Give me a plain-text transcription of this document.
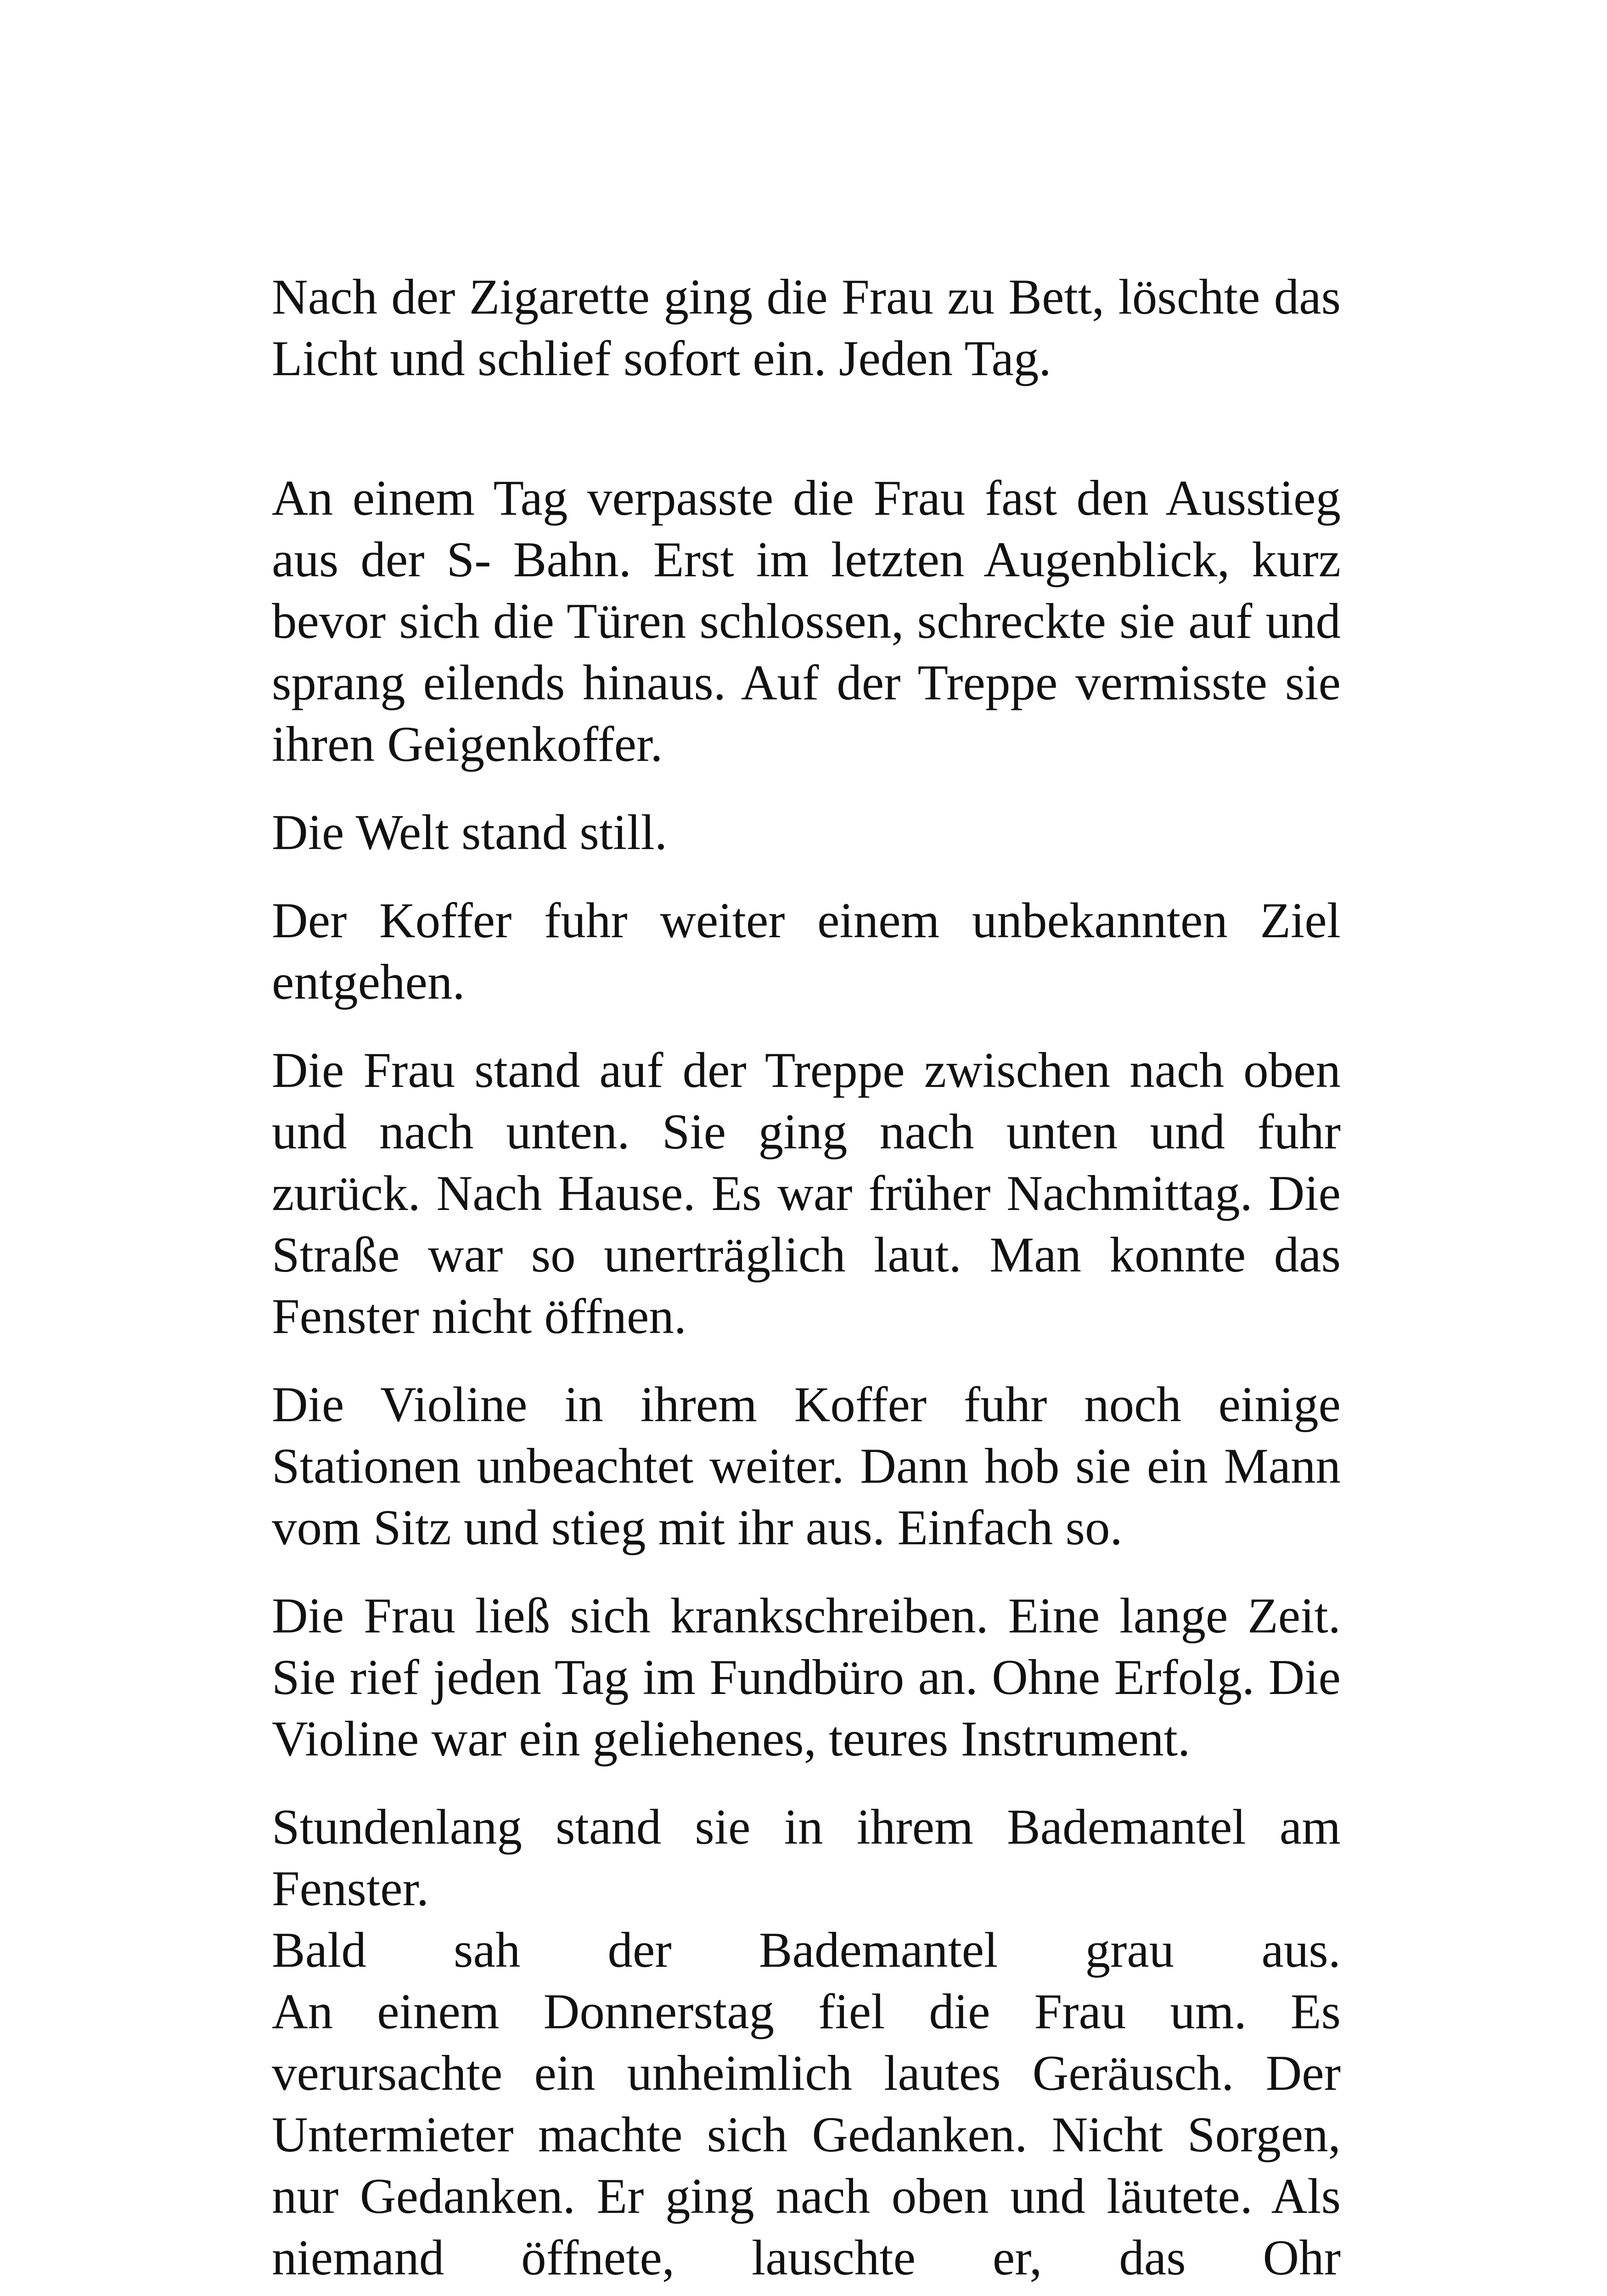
Nach der Zigarette ging die Frau zu Bett, löschte das Licht und schlief sofort ein. Jeden Tag.

An einem Tag verpasste die Frau fast den Ausstieg aus der S- Bahn. Erst im letzten Augenblick, kurz bevor sich die Türen schlossen, schreckte sie auf und sprang eilends hinaus. Auf der Treppe vermisste sie ihren Geigenkoffer.

Die Welt stand still.

Der Koffer fuhr weiter einem unbekannten Ziel entgehen.

Die Frau stand auf der Treppe zwischen nach oben und nach unten. Sie ging nach unten und fuhr zurück. Nach Hause. Es war früher Nachmittag. Die Straße war so unerträglich laut. Man konnte das Fenster nicht öffnen.

Die Violine in ihrem Koffer fuhr noch einige Stationen unbeachtet weiter. Dann hob sie ein Mann vom Sitz und stieg mit ihr aus. Einfach so.

Die Frau ließ sich krankschreiben. Eine lange Zeit. Sie rief jeden Tag im Fundbüro an. Ohne Erfolg. Die Violine war ein geliehenes, teures Instrument.

Stundenlang stand sie in ihrem Bademantel am Fenster.
Bald sah der Bademantel grau aus.
An einem Donnerstag fiel die Frau um. Es verursachte ein unheimlich lautes Geräusch. Der Untermieter machte sich Gedanken. Nicht Sorgen, nur Gedanken. Er ging nach oben und läutete. Als niemand öffnete, lauschte er, das Ohr
